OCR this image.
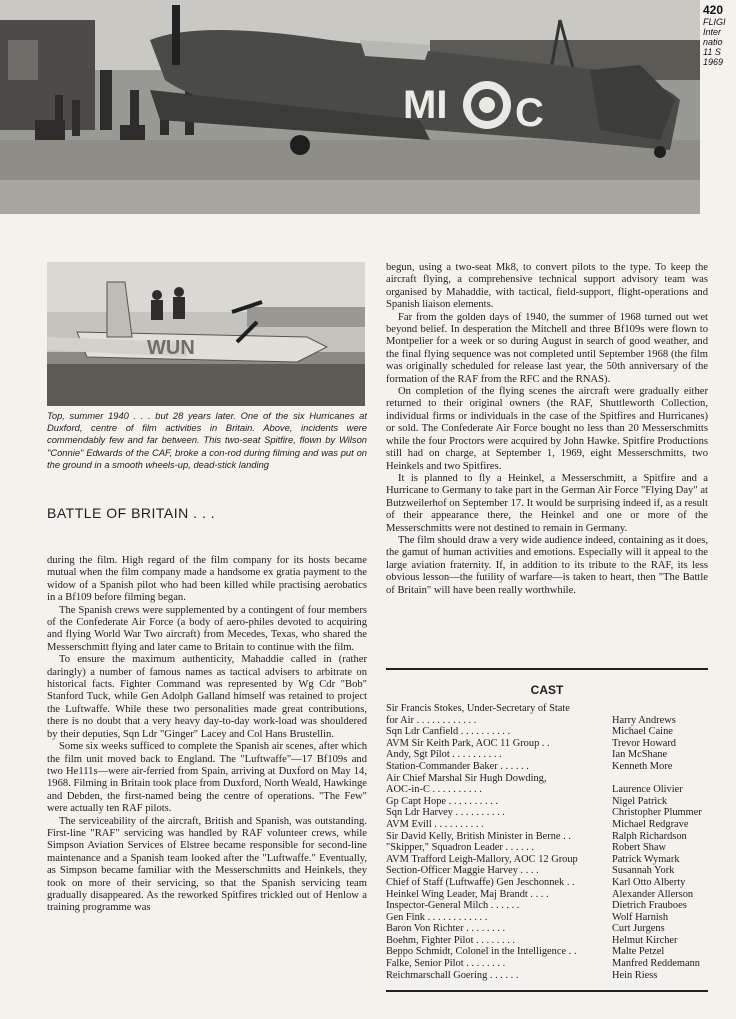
MI C
420
FLIGI
Inter
natio
11 S
1969
WUN
Top, summer 1940 . . . but 28 years later. One of the six Hurricanes at Duxford, centre of film activities in Britain. Above, incidents were commendably few and far between. This two-seat Spitfire, flown by Wilson "Connie" Edwards of the CAF, broke a con-rod during filming and was put on the ground in a smooth wheels-up, dead-stick landing
BATTLE OF BRITAIN . . .

during the film. High regard of the film company for its hosts became mutual when the film company made a handsome ex gratia payment to the widow of a Spanish pilot who had been killed while practising aerobatics in a Bf109 before filming began.

The Spanish crews were supplemented by a contingent of four members of the Confederate Air Force (a body of aero-philes devoted to acquiring and flying World War Two aircraft) from Mecedes, Texas, who shared the Messerschmitt flying and later came to Britain to continue with the film.

To ensure the maximum authenticity, Mahaddie called in (rather daringly) a number of famous names as tactical advisers to arbitrate on historical facts. Fighter Command was represented by Wg Cdr "Bob" Stanford Tuck, while Gen Adolph Galland himself was retained to project the Luftwaffe. While these two personalities made great contributions, there is no doubt that a very heavy day-to-day work-load was shouldered by their deputies, Sqn Ldr "Ginger" Lacey and Col Hans Brustellin.

Some six weeks sufficed to complete the Spanish air scenes, after which the film unit moved back to England. The "Luftwaffe"—17 Bf109s and two He111s—were air-ferried from Spain, arriving at Duxford on May 14, 1968. Filming in Britain took place from Duxford, North Weald, Hawkinge and Debden, the first-named being the centre of operations. "The Few" were actually ten RAF pilots.

The serviceability of the aircraft, British and Spanish, was outstanding. First-line "RAF" servicing was handled by RAF volunteer crews, while Simpson Aviation Services of Elstree became responsible for second-line maintenance and a Spanish team looked after the "Luftwaffe." Eventually, as Simpson became familiar with the Messerschmitts and Heinkels, they took on more of their servicing, so that the Spanish servicing team gradually disappeared. As the reworked Spitfires trickled out of Henlow a training programme was

begun, using a two-seat Mk8, to convert pilots to the type. To keep the aircraft flying, a comprehensive technical support advisory team was organised by Mahaddie, with tactical, field-support, flight-operations and Spanish liaison elements.

Far from the golden days of 1940, the summer of 1968 turned out wet beyond belief. In desperation the Mitchell and three Bf109s were flown to Montpelier for a week or so during August in search of good weather, and the final flying sequence was not completed until September 1968 (the film was originally scheduled for release last year, the 50th anniversary of the formation of the RAF from the RFC and the RNAS).

On completion of the flying scenes the aircraft were gradually either returned to their original owners (the RAF, Shuttleworth Collection, individual firms or individuals in the case of the Spitfires and Hurricanes) or sold. The Confederate Air Force bought no less than 20 Messerschmitts while the four Proctors were acquired by John Hawke. Spitfire Productions still had on charge, at September 1, 1969, eight Messerschmitts, two Heinkels and two Spitfires.

It is planned to fly a Heinkel, a Messerschmitt, a Spitfire and a Hurricane to Germany to take part in the German Air Force "Flying Day" at Butzweilerhof on September 17. It would be surprising indeed if, as a result of their appearance there, the Heinkel and one or more of the Messerschmitts were not destined to remain in Germany.

The film should draw a very wide audience indeed, containing as it does, the gamut of human activities and emotions. Especially will it appeal to the large aviation fraternity. If, in addition to its tribute to the RAF, its less obvious lesson—the futility of warfare—is taken to heart, then "The Battle of Britain" will have been really worthwhile.

CAST
Sir Francis Stokes, Under-Secretary of State
for Air . . . . . . . . . . . .	Harry Andrews
Sqn Ldr Canfield . . . . . . . . . .	Michael Caine
AVM Sir Keith Park, AOC 11 Group . .	Trevor Howard
Andy, Sgt Pilot . . . . . . . . . .	Ian McShane
Station-Commander Baker . . . . . .	Kenneth More
Air Chief Marshal Sir Hugh Dowding,
AOC-in-C . . . . . . . . . .	Laurence Olivier
Gp Capt Hope . . . . . . . . . .	Nigel Patrick
Sqn Ldr Harvey . . . . . . . . . .	Christopher Plummer
AVM Evill . . . . . . . . . .	Michael Redgrave
Sir David Kelly, British Minister in Berne . .	Ralph Richardson
"Skipper," Squadron Leader . . . . . .	Robert Shaw
AVM Trafford Leigh-Mallory, AOC 12 Group	Patrick Wymark
Section-Officer Maggie Harvey . . . .	Susannah York
Chief of Staff (Luftwaffe) Gen Jeschonnek . .	Karl Otto Alberty
Heinkel Wing Leader, Maj Brandt . . . .	Alexander Allerson
Inspector-General Milch . . . . . .	Dietrich Frauboes
Gen Fink . . . . . . . . . . . .	Wolf Harnish
Baron Von Richter . . . . . . . .	Curt Jurgens
Boehm, Fighter Pilot . . . . . . . .	Helmut Kircher
Beppo Schmidt, Colonel in the Intelligence . .	Malte Petzel
Falke, Senior Pilot . . . . . . . .	Manfred Reddemann
Reichmarschall Goering . . . . . .	Hein Riess
